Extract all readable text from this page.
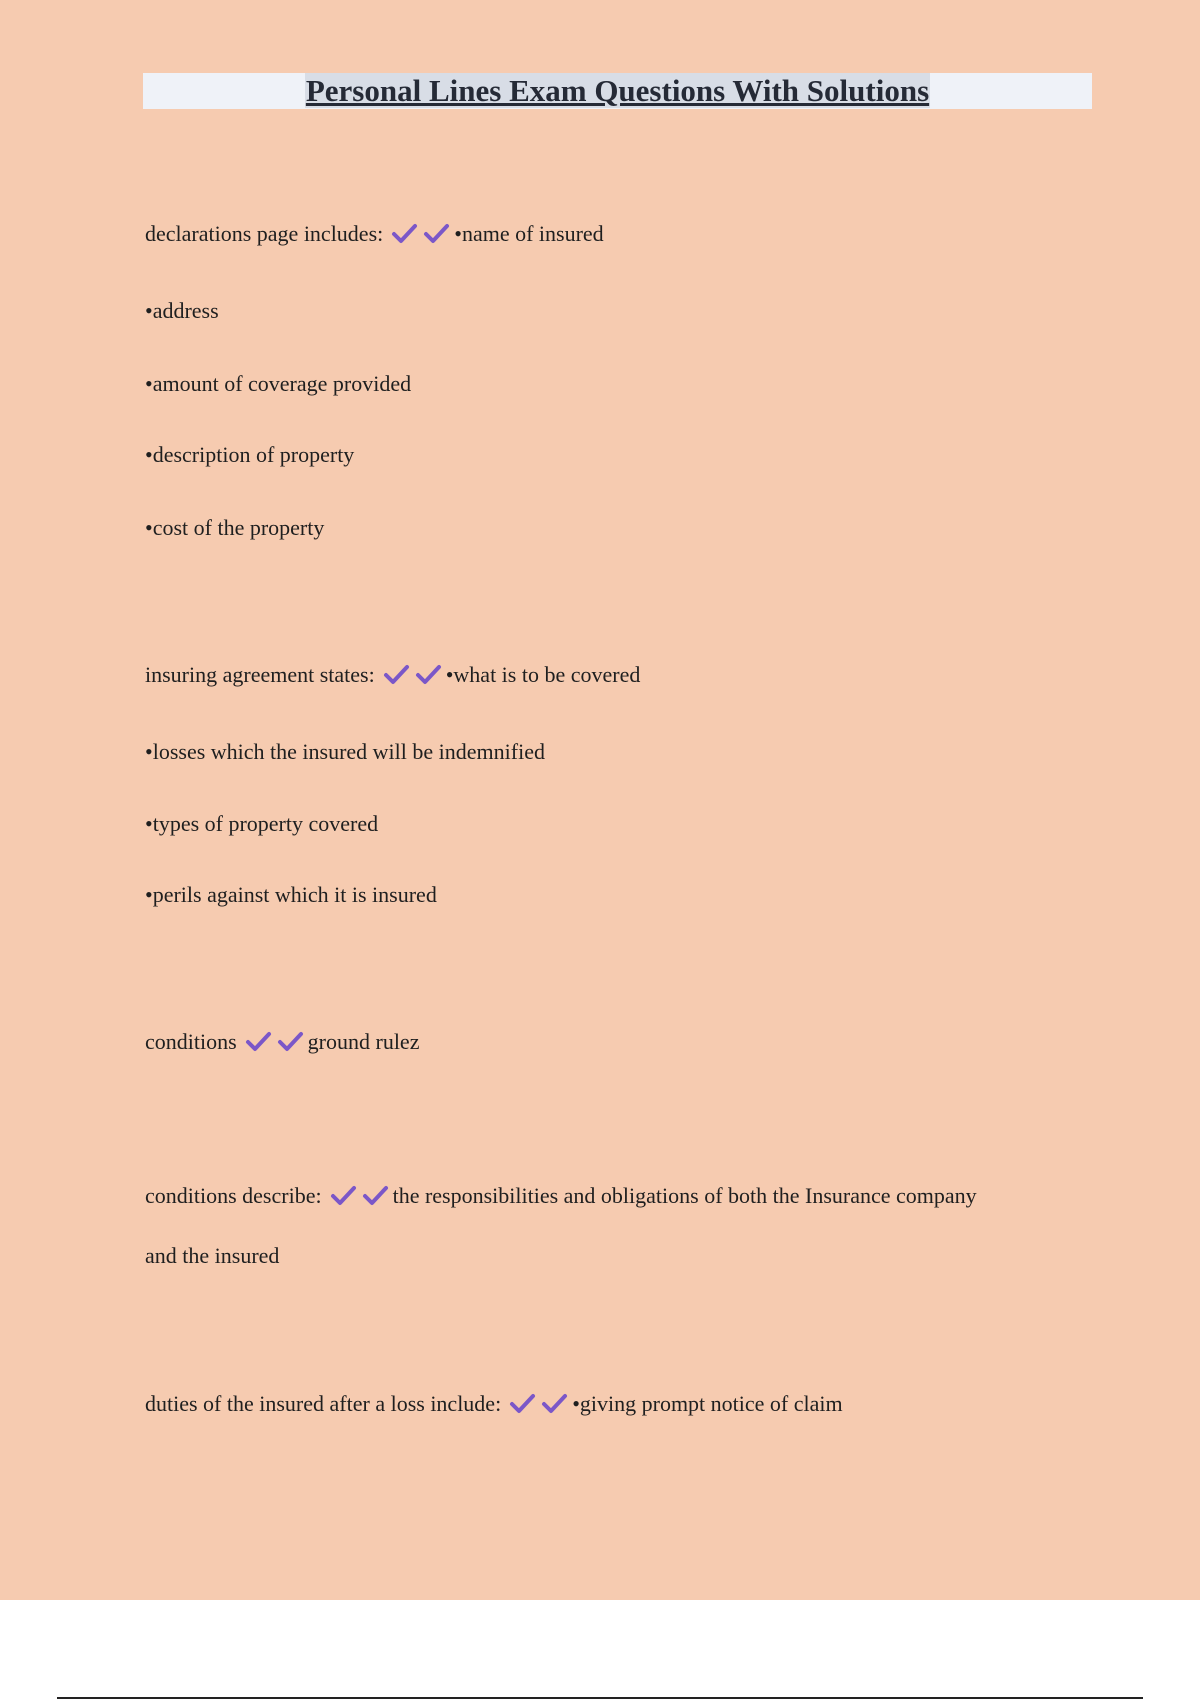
Personal Lines Exam Questions With Solutions
declarations page includes:	•name of insured
•address
•amount of coverage provided
•description of property
•cost of the property
insuring agreement states:	•what is to be covered
•losses which the insured will be indemnified
•types of property covered
•perils against which it is insured
conditions	ground rulez
conditions describe:	the responsibilities and obligations of both the Insurance company
and the insured
duties of the insured after a loss include:	•giving prompt notice of claim
